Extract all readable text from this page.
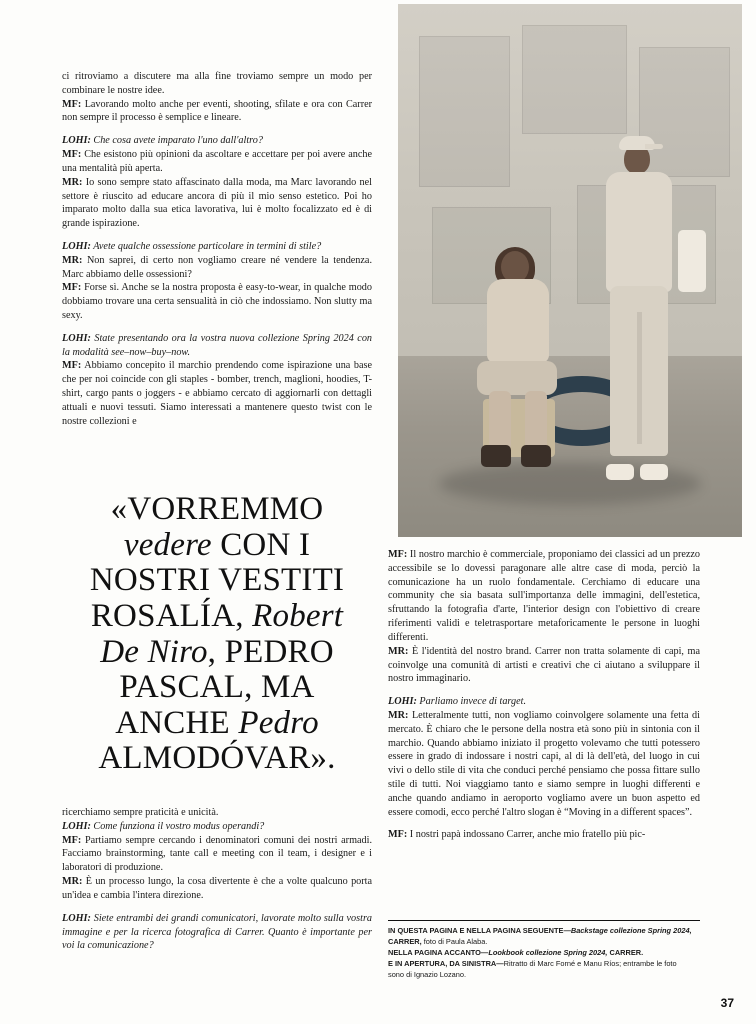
ci ritroviamo a discutere ma alla fine troviamo sempre un modo per combinare le nostre idee.

MF: Lavorando molto anche per eventi, shooting, sfilate e ora con Carrer non sempre il processo è semplice e lineare.

LOHI: Che cosa avete imparato l'uno dall'altro?

MF: Che esistono più opinioni da ascoltare e accettare per poi avere anche una mentalità più aperta.

MR: Io sono sempre stato affascinato dalla moda, ma Marc lavorando nel settore è riuscito ad educare ancora di più il mio senso estetico. Poi ho imparato molto dalla sua etica lavorativa, lui è molto focalizzato ed è di grande ispirazione.

LOHI: Avete qualche ossessione particolare in termini di stile?

MR: Non saprei, di certo non vogliamo creare né vendere la tendenza. Marc abbiamo delle ossessioni?

MF: Forse sì. Anche se la nostra proposta è easy-to-wear, in qualche modo dobbiamo trovare una certa sensualità in ciò che indossiamo. Non slutty ma sexy.

LOHI: State presentando ora la vostra nuova collezione Spring 2024 con la modalità see–now–buy–now.

MF: Abbiamo concepito il marchio prendendo come ispirazione una base che per noi coincide con gli staples - bomber, trench, maglioni, hoodies, T-shirt, cargo pants o joggers - e abbiamo cercato di aggiornarli con dettagli attuali e nuovi tessuti. Siamo interessati a mantenere questo twist con le nostre collezioni e

«VORREMMO
vedere CON I
NOSTRI VESTITI
ROSALÍA, Robert
De Niro, PEDRO
PASCAL, MA
ANCHE Pedro
ALMODÓVAR».

ricerchiamo sempre praticità e unicità.

LOHI: Come funziona il vostro modus operandi?

MF: Partiamo sempre cercando i denominatori comuni dei nostri armadi. Facciamo brainstorming, tante call e meeting con il team, i designer e i laboratori di produzione.

MR: È un processo lungo, la cosa divertente è che a volte qualcuno porta un'idea e cambia l'intera direzione.

LOHI: Siete entrambi dei grandi comunicatori, lavorate molto sulla vostra immagine e per la ricerca fotografica di Carrer. Quanto è importante per voi la comunicazione?

MF: Il nostro marchio è commerciale, proponiamo dei classici ad un prezzo accessibile se lo dovessi paragonare alle altre case di moda, perciò la comunicazione ha un ruolo fondamentale. Cerchiamo di educare una community che sia basata sull'importanza delle immagini, dell'estetica, sfruttando la fotografia d'arte, l'interior design con l'obiettivo di creare riferimenti validi e teletrasportare metaforicamente le persone in luoghi differenti.

MR: È l'identità del nostro brand. Carrer non tratta solamente di capi, ma coinvolge una comunità di artisti e creativi che ci aiutano a sviluppare il nostro immaginario.

LOHI: Parliamo invece di target.

MR: Letteralmente tutti, non vogliamo coinvolgere solamente una fetta di mercato. È chiaro che le persone della nostra età sono più in sintonia con il marchio. Quando abbiamo iniziato il progetto volevamo che tutti potessero essere in grado di indossare i nostri capi, al di là dell'età, del luogo in cui vivi o dello stile di vita che conduci perché pensiamo che possa fittare sullo stile di tutti. Noi viaggiamo tanto e siamo sempre in luoghi differenti e anche quando andiamo in aeroporto vogliamo avere un buon aspetto ed essere comodi, ecco perché l'altro slogan è “Moving in a different spaces”.

MF: I nostri papà indossano Carrer, anche mio fratello più pic-

IN QUESTA PAGINA E NELLA PAGINA SEGUENTE—Backstage collezione Spring 2024,
CARRER, foto di Paula Alaba.
NELLA PAGINA ACCANTO—Lookbook collezione Spring 2024, CARRER.
E IN APERTURA, DA SINISTRA—Ritratto di Marc Forné e Manu Ríos; entrambe le foto
sono di Ignazio Lozano.
37
